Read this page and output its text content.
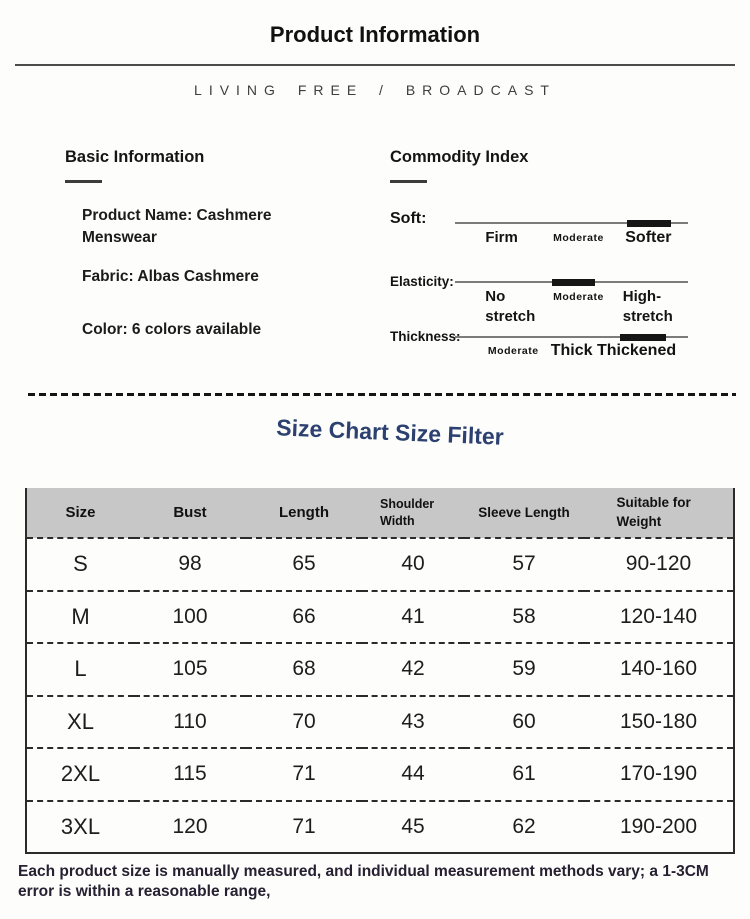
Product Information
LIVING FREE / BROADCAST
Basic Information
Product Name: Cashmere Menswear
Fabric: Albas Cashmere
Color: 6 colors available
Commodity Index
Soft:
Firm	Moderate Softer
Elasticity:
No stretch
Moderate High-stretch
Thickness:
Moderate Thick Thickened
Size Chart Size Filter
Size	Bust	Length	Shoulder Width	Sleeve Length	Suitable for Weight
S	98	65	40	57	90-120
M	100	66	41	58	120-140
L	105	68	42	59	140-160
XL	110	70	43	60	150-180
2XL	115	71	44	61	170-190
3XL	120	71	45	62	190-200
Each product size is manually measured, and individual measurement methods vary; a 1-3CM error is within a reasonable range,
